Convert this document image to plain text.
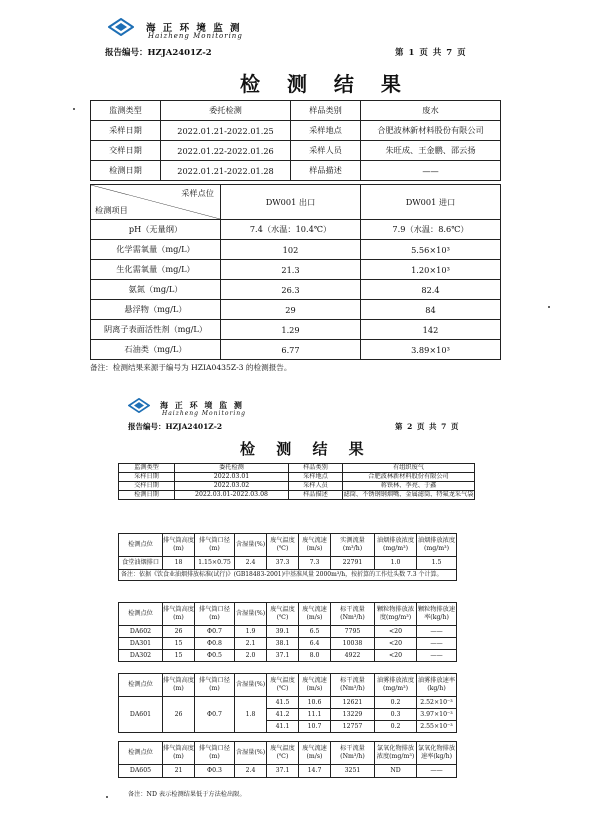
海 正 环 境 监 测
Haizheng Monitoring
报告编号：HZJA2401Z-2	第 1 页 共 7 页
检 测 结 果
监测类型	委托检测	样品类别	废水
采样日期	2022.01.21-2022.01.25	采样地点	合肥波林新材料股份有限公司
交样日期	2022.01.22-2022.01.26	采样人员	朱旺成、王金鹏、邵云扬
检测日期	2022.01.21-2022.01.28	样品描述	——
采样点位
检测项目	DW001 出口	DW001 进口
pH（无量纲）	7.4（水温：10.4℃）	7.9（水温：8.6℃）
化学需氧量（mg/L）	102	5.56×10³
生化需氧量（mg/L）	21.3	1.20×10³
氨氮（mg/L）	26.3	82.4
悬浮物（mg/L）	29	84
阴离子表面活性剂（mg/L）	1.29	142
石油类（mg/L）	6.77	3.89×10³
备注：检测结果来源于编号为 HZIA0435Z-3 的检测报告。
海 正 环 境 监 测
Haizheng Monitoring
报告编号：HZJA2401Z-2	第 2 页 共 7 页
检 测 结 果
监测类型	委托检测	样品类别	有组织废气
采样日期	2022.03.01	采样地点	合肥波林新材料股份有限公司
交样日期	2022.03.02	采样人员	蒋铁林、李亮、于鑫
检测日期	2022.03.01-2022.03.08	样品描述	滤筒、不锈钢钢烟嘴、金属滤筒、特氟龙采气袋
检测点位	排气筒高度(m)	排气筒口径(m)	含湿量(%)	废气温度(℃)	废气流速(m/s)	实测流量(m³/h)	油烟排放浓度(mg/m³)	油烟排放浓度(mg/m³)
食堂油烟排口	18	1.15×0.75	2.4	37.3	7.3	22791	1.0	1.5
备注：依据《饮食业油烟排放标准(试行)》(GB18483-2001)中基准风量 2000m³/h，按折算的工作灶头数 7.3 个计算。								
检测点位	排气筒高度(m)	排气筒口径(m)	含湿量(%)	废气温度(℃)	废气流速(m/s)	标干流量(Nm³/h)	颗粒物排放浓度(mg/m³)	颗粒物排放速率(kg/h)
DA602	26	Φ0.7	1.9	39.1	6.5	7795	<20	——
DA301	15	Φ0.8	2.1	38.1	6.4	10038	<20	——
DA302	15	Φ0.5	2.0	37.1	8.0	4922	<20	——
检测点位	排气筒高度(m)	排气筒口径(m)	含湿量(%)	废气温度(℃)	废气流速(m/s)	标干流量(Nm³/h)	油雾排放浓度(mg/m³)	油雾排放速率(kg/h)
DA601	26	Φ0.7	1.8	41.5	10.6	12621	0.2	2.52×10⁻³
				41.2	11.1	13229	0.3	3.97×10⁻³
				41.1	10.7	12757	0.2	2.55×10⁻³
检测点位	排气筒高度(m)	排气筒口径(m)	含湿量(%)	废气温度(℃)	废气流速(m/s)	标干流量(Nm³/h)	氯氧化物排放浓度(mg/m³)	氯氧化物排放速率(kg/h)
DA605	21	Φ0.3	2.4	37.1	14.7	3251	ND	——
备注：ND 表示检测结果低于方法检出限。
